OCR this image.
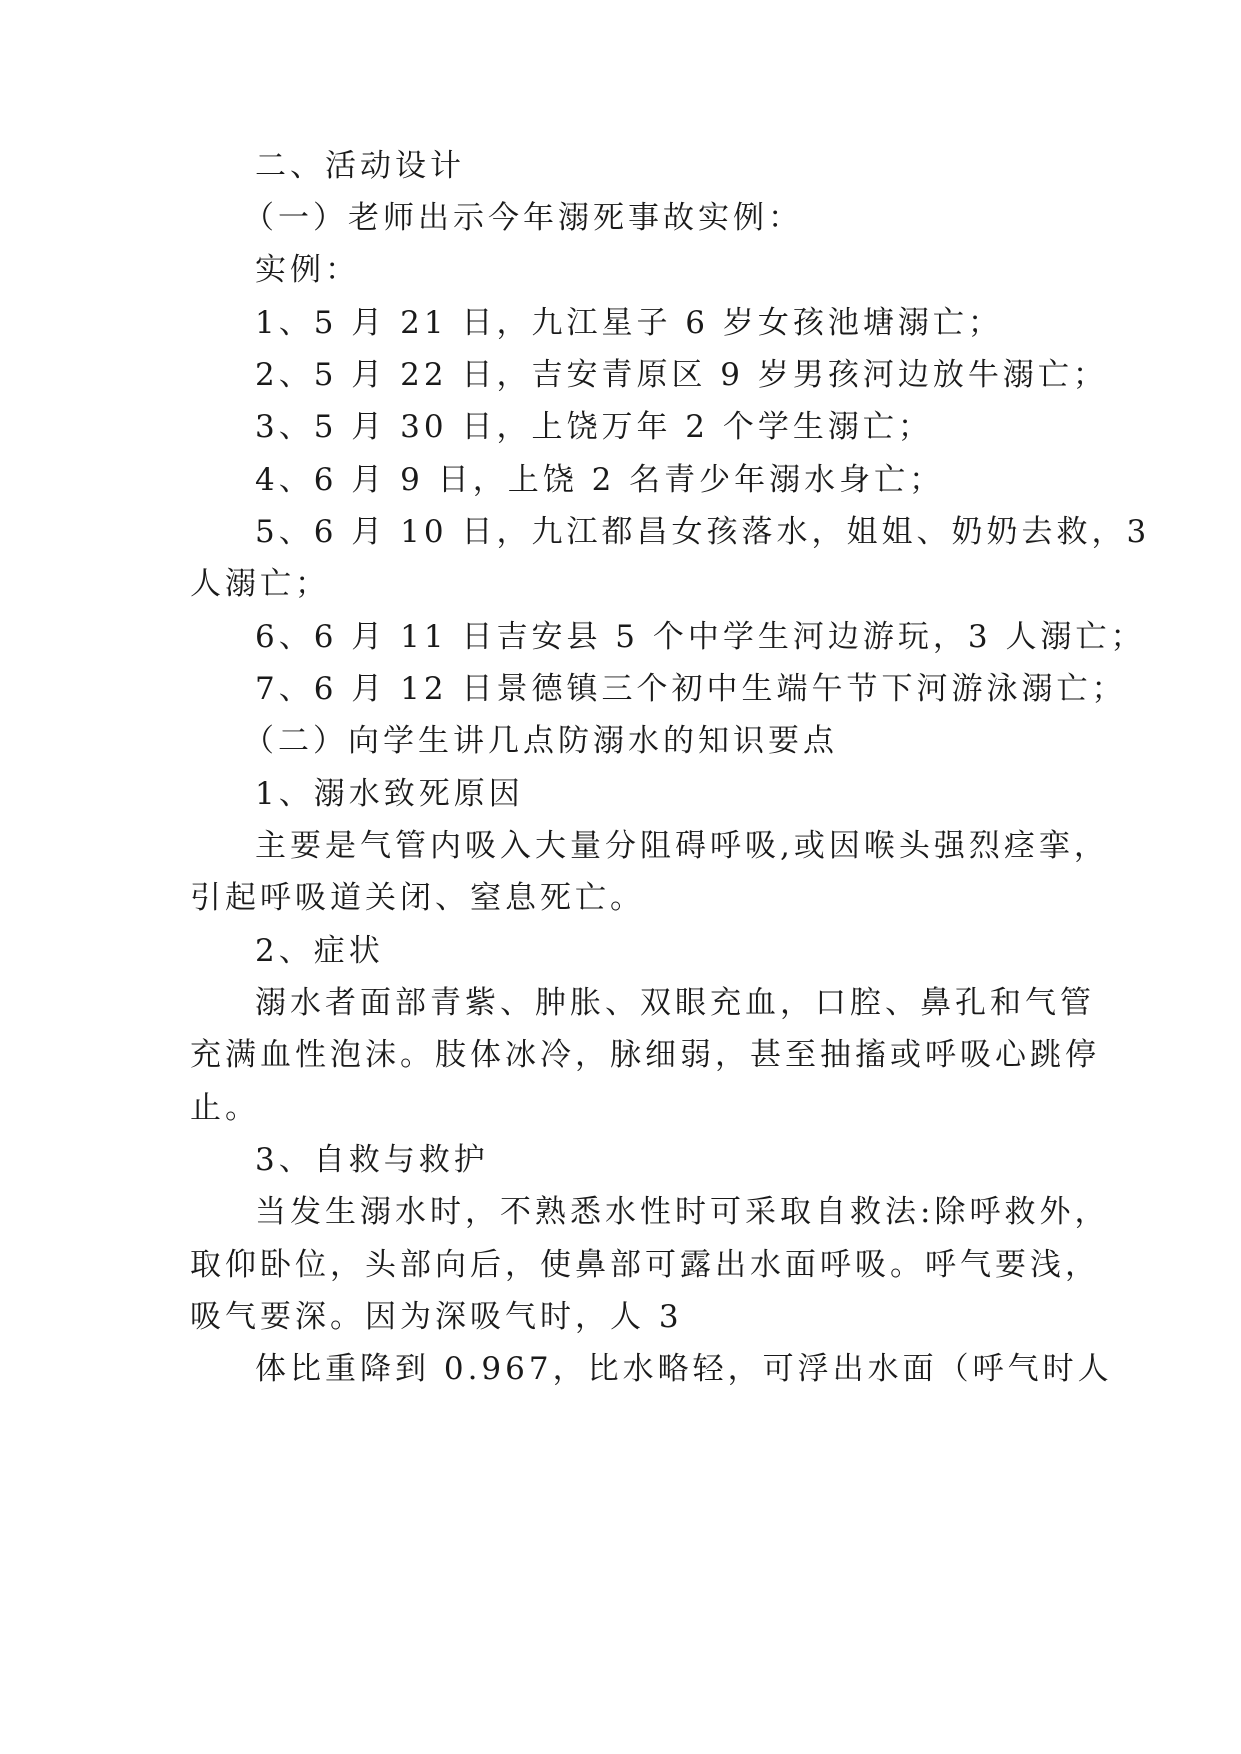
二、活动设计
（一）老师出示今年溺死事故实例：
实例：
1、5 月 21 日，九江星子 6 岁女孩池塘溺亡；
2、5 月 22 日，吉安青原区 9 岁男孩河边放牛溺亡；
3、5 月 30 日，上饶万年 2 个学生溺亡；
4、6 月 9 日，上饶 2 名青少年溺水身亡；
5、6 月 10 日，九江都昌女孩落水，姐姐、奶奶去救，3
人溺亡；
6、6 月 11 日吉安县 5 个中学生河边游玩，3 人溺亡；
7、6 月 12 日景德镇三个初中生端午节下河游泳溺亡；
（二）向学生讲几点防溺水的知识要点
1、溺水致死原因
主要是气管内吸入大量分阻碍呼吸,或因喉头强烈痉挛，
引起呼吸道关闭、窒息死亡。
2、症状
溺水者面部青紫、肿胀、双眼充血，口腔、鼻孔和气管
充满血性泡沫。肢体冰冷，脉细弱，甚至抽搐或呼吸心跳停
止。
3、自救与救护
当发生溺水时，不熟悉水性时可采取自救法:除呼救外，
取仰卧位，头部向后，使鼻部可露出水面呼吸。呼气要浅，
吸气要深。因为深吸气时，人 3
体比重降到 0.967，比水略轻，可浮出水面（呼气时人
